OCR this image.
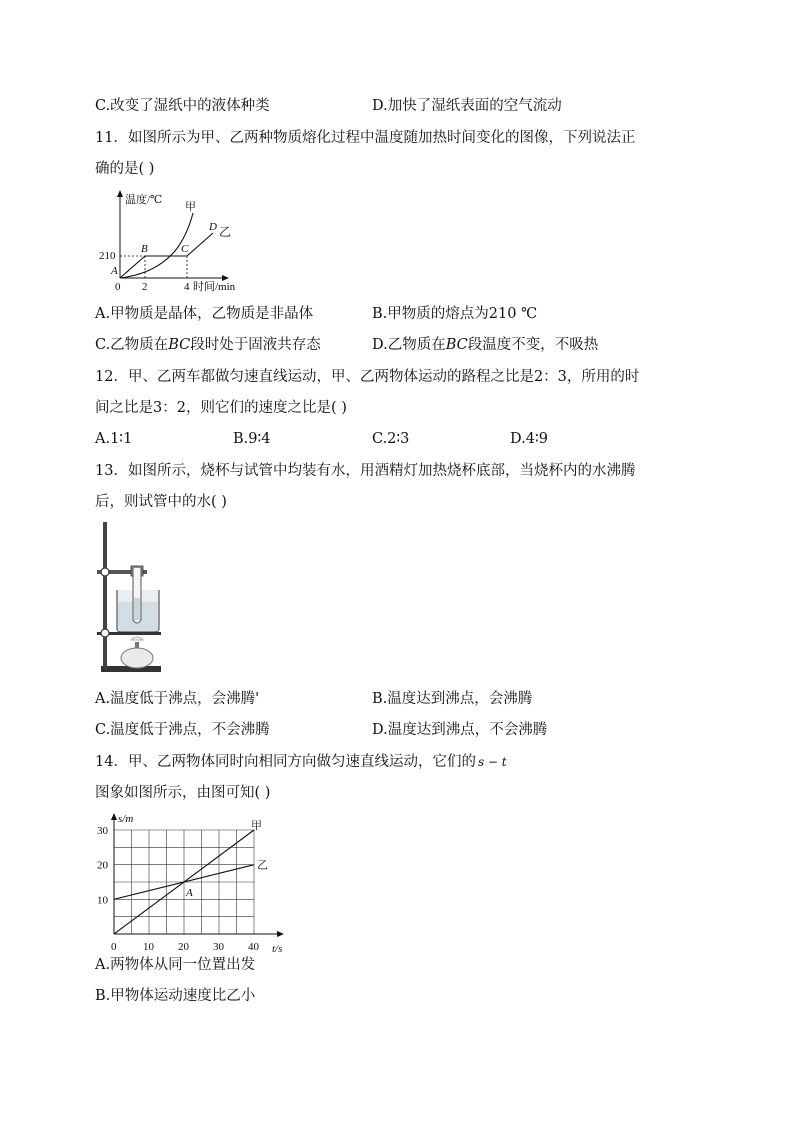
C.改变了湿纸中的液体种类	D.加快了湿纸表面的空气流动
11．如图所示为甲、乙两种物质熔化过程中温度随加热时间变化的图像，下列说法正
确的是( )
温度/℃
时间/min
210
0 2	4
A
B	C
D
甲
乙
A.甲物质是晶体，乙物质是非晶体	B.甲物质的熔点为210 ℃
C.乙物质在BC段时处于固液共存态	D.乙物质在BC段温度不变，不吸热
12．甲、乙两车都做匀速直线运动，甲、乙两物体运动的路程之比是2：3，所用的时
间之比是3：2，则它们的速度之比是( )
A.1∶1	B.9∶4	C.2∶3	D.4∶9
13．如图所示，烧杯与试管中均装有水，用酒精灯加热烧杯底部，当烧杯内的水沸腾
后，则试管中的水( )
A.温度低于沸点，会沸腾'	B.温度达到沸点，会沸腾
C.温度低于沸点，不会沸腾	D.温度达到沸点，不会沸腾
14．甲、乙两物体同时向相同方向做匀速直线运动，它们的 s − t
图象如图所示，由图可知( )
0 10 20 30 40
10
20
30
s/m
t/s
甲
乙
A
A.两物体从同一位置出发
B.甲物体运动速度比乙小
